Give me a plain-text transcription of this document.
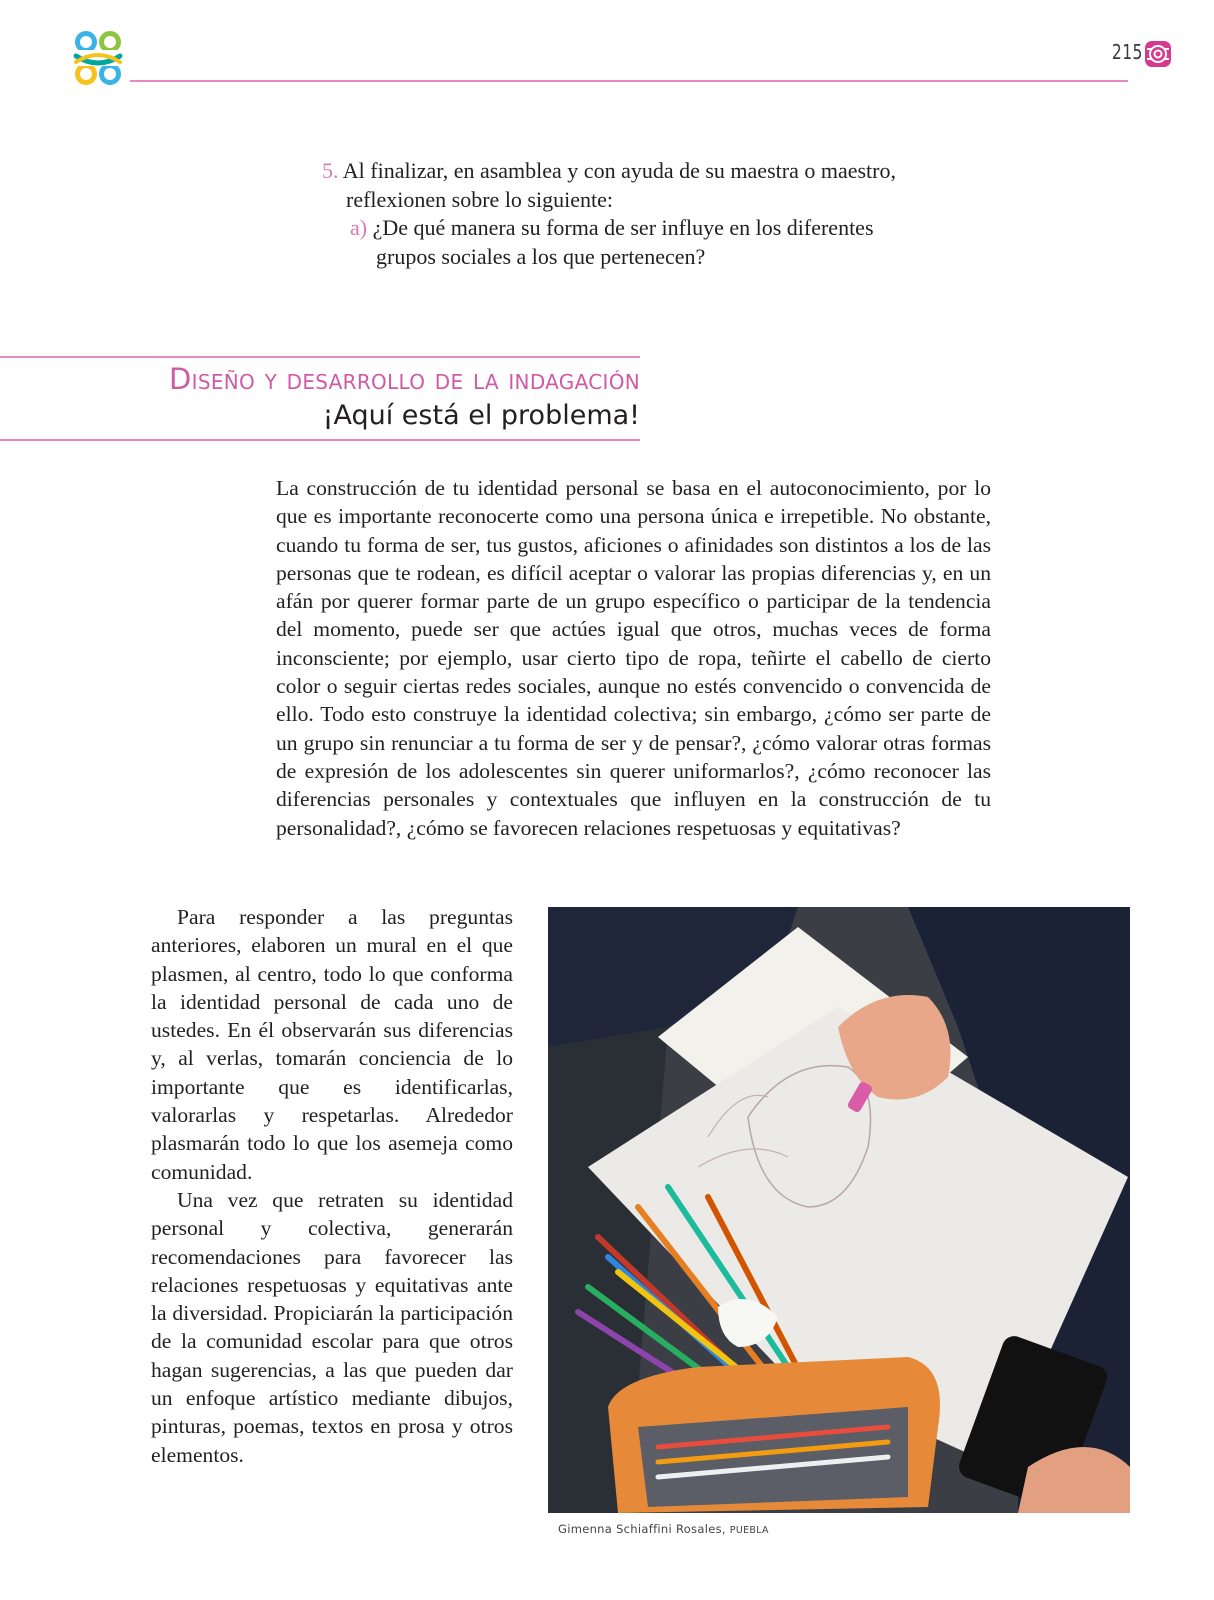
215
5. Al finalizar, en asamblea y con ayuda de su maestra o maestro,
reflexionen sobre lo siguiente:
a) ¿De qué manera su forma de ser influye en los diferentes
grupos sociales a los que pertenecen?
Diseño y desarrollo de la indagación
¡Aquí está el problema!

La construcción de tu identidad personal se basa en el autoconocimiento, por lo que es importante reconocerte como una persona única e irrepetible. No obstante, cuando tu forma de ser, tus gustos, aficiones o afinidades son distintos a los de las personas que te rodean, es difícil aceptar o valorar las propias diferencias y, en un afán por querer formar parte de un grupo específico o participar de la tendencia del momento, puede ser que actúes igual que otros, muchas veces de forma inconsciente; por ejemplo, usar cierto tipo de ropa, teñirte el cabello de cierto color o seguir ciertas redes sociales, aunque no estés convencido o convencida de ello. Todo esto construye la identidad colectiva; sin embargo, ¿cómo ser parte de un grupo sin renunciar a tu forma de ser y de pensar?, ¿cómo valorar otras formas de expresión de los adolescentes sin querer uniformarlos?, ¿cómo reconocer las diferencias personales y contextuales que influyen en la construcción de tu personalidad?, ¿cómo se favorecen relaciones respetuosas y equitativas?

Para responder a las preguntas anteriores, elaboren un mural en el que plasmen, al centro, todo lo que conforma la identidad personal de cada uno de ustedes. En él observarán sus diferencias y, al verlas, tomarán conciencia de lo importante que es identificarlas, valorarlas y respetarlas. Alrededor plasmarán todo lo que los asemeja como comunidad.

Una vez que retraten su identidad personal y colectiva, generarán recomendaciones para favorecer las relaciones respetuosas y equitativas ante la diversidad. Propiciarán la participación de la comunidad escolar para que otros hagan sugerencias, a las que pueden dar un enfoque artístico mediante dibujos, pinturas, poemas, textos en prosa y otros elementos.

Gimenna Schiaffini Rosales, PUEBLA
